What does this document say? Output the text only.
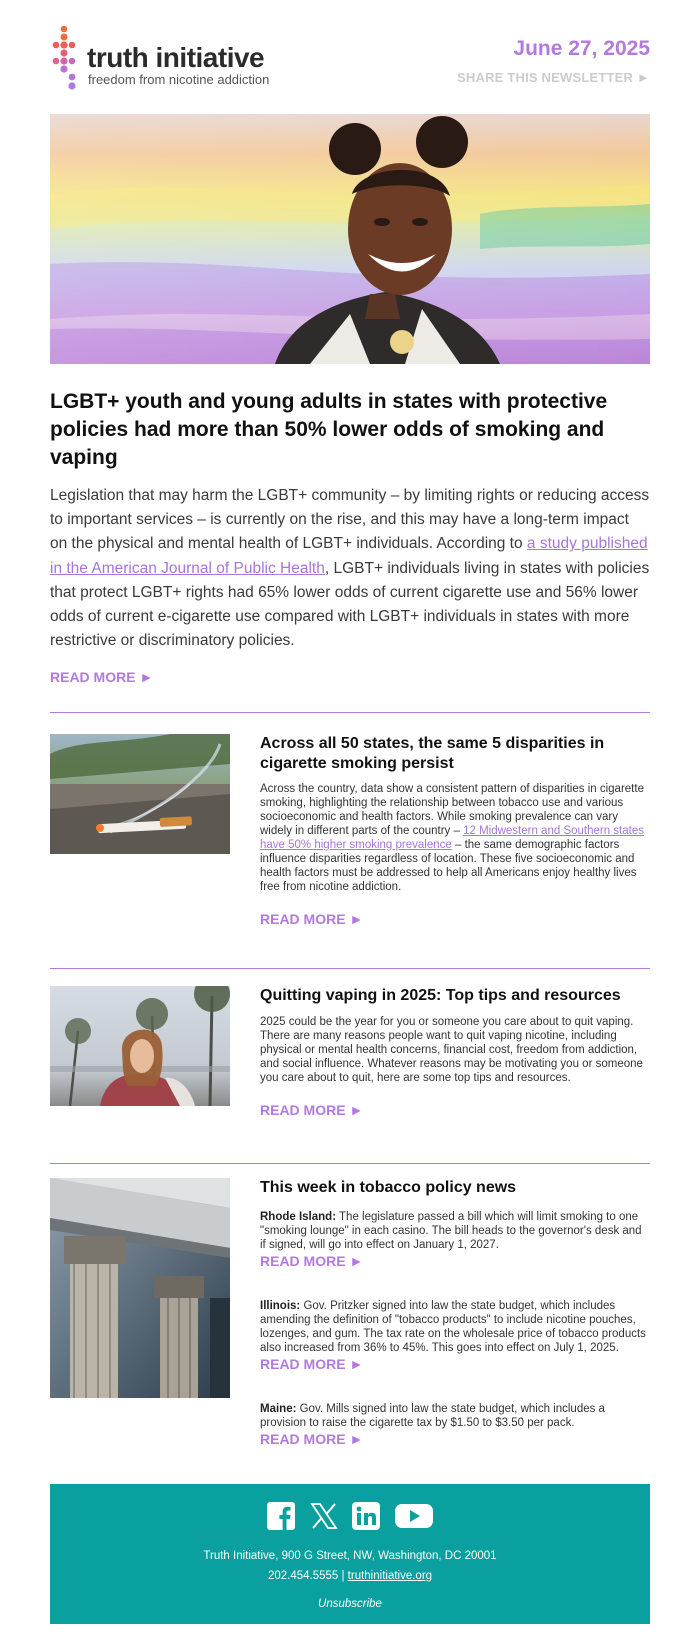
truth initiative
freedom from nicotine addiction
June 27, 2025
SHARE THIS NEWSLETTER ►
LGBT+ youth and young adults in states with protective policies had more than 50% lower odds of smoking and vaping
Legislation that may harm the LGBT+ community – by limiting rights or reducing access to important services – is currently on the rise, and this may have a long-term impact on the physical and mental health of LGBT+ individuals. According to a study published in the American Journal of Public Health, LGBT+ individuals living in states with policies that protect LGBT+ rights had 65% lower odds of current cigarette use and 56% lower odds of current e-cigarette use compared with LGBT+ individuals in states with more restrictive or discriminatory policies.
READ MORE ►
Across all 50 states, the same 5 disparities in cigarette smoking persist
Across the country, data show a consistent pattern of disparities in cigarette smoking, highlighting the relationship between tobacco use and various socioeconomic and health factors. While smoking prevalence can vary widely in different parts of the country – 12 Midwestern and Southern states have 50% higher smoking prevalence – the same demographic factors influence disparities regardless of location. These five socioeconomic and health factors must be addressed to help all Americans enjoy healthy lives free from nicotine addiction.
READ MORE ►
Quitting vaping in 2025: Top tips and resources
2025 could be the year for you or someone you care about to quit vaping. There are many reasons people want to quit vaping nicotine, including physical or mental health concerns, financial cost, freedom from addiction, and social influence. Whatever reasons may be motivating you or someone you care about to quit, here are some top tips and resources.
READ MORE ►
This week in tobacco policy news
Rhode Island: The legislature passed a bill which will limit smoking to one "smoking lounge" in each casino. The bill heads to the governor's desk and if signed, will go into effect on January 1, 2027.
READ MORE ►
Illinois: Gov. Pritzker signed into law the state budget, which includes amending the definition of "tobacco products" to include nicotine pouches, lozenges, and gum. The tax rate on the wholesale price of tobacco products also increased from 36% to 45%. This goes into effect on July 1, 2025.
READ MORE ►
Maine: Gov. Mills signed into law the state budget, which includes a provision to raise the cigarette tax by $1.50 to $3.50 per pack.
READ MORE ►

Truth Initiative, 900 G Street, NW, Washington, DC 20001
202.454.5555 | truthinitiative.org
Unsubscribe
